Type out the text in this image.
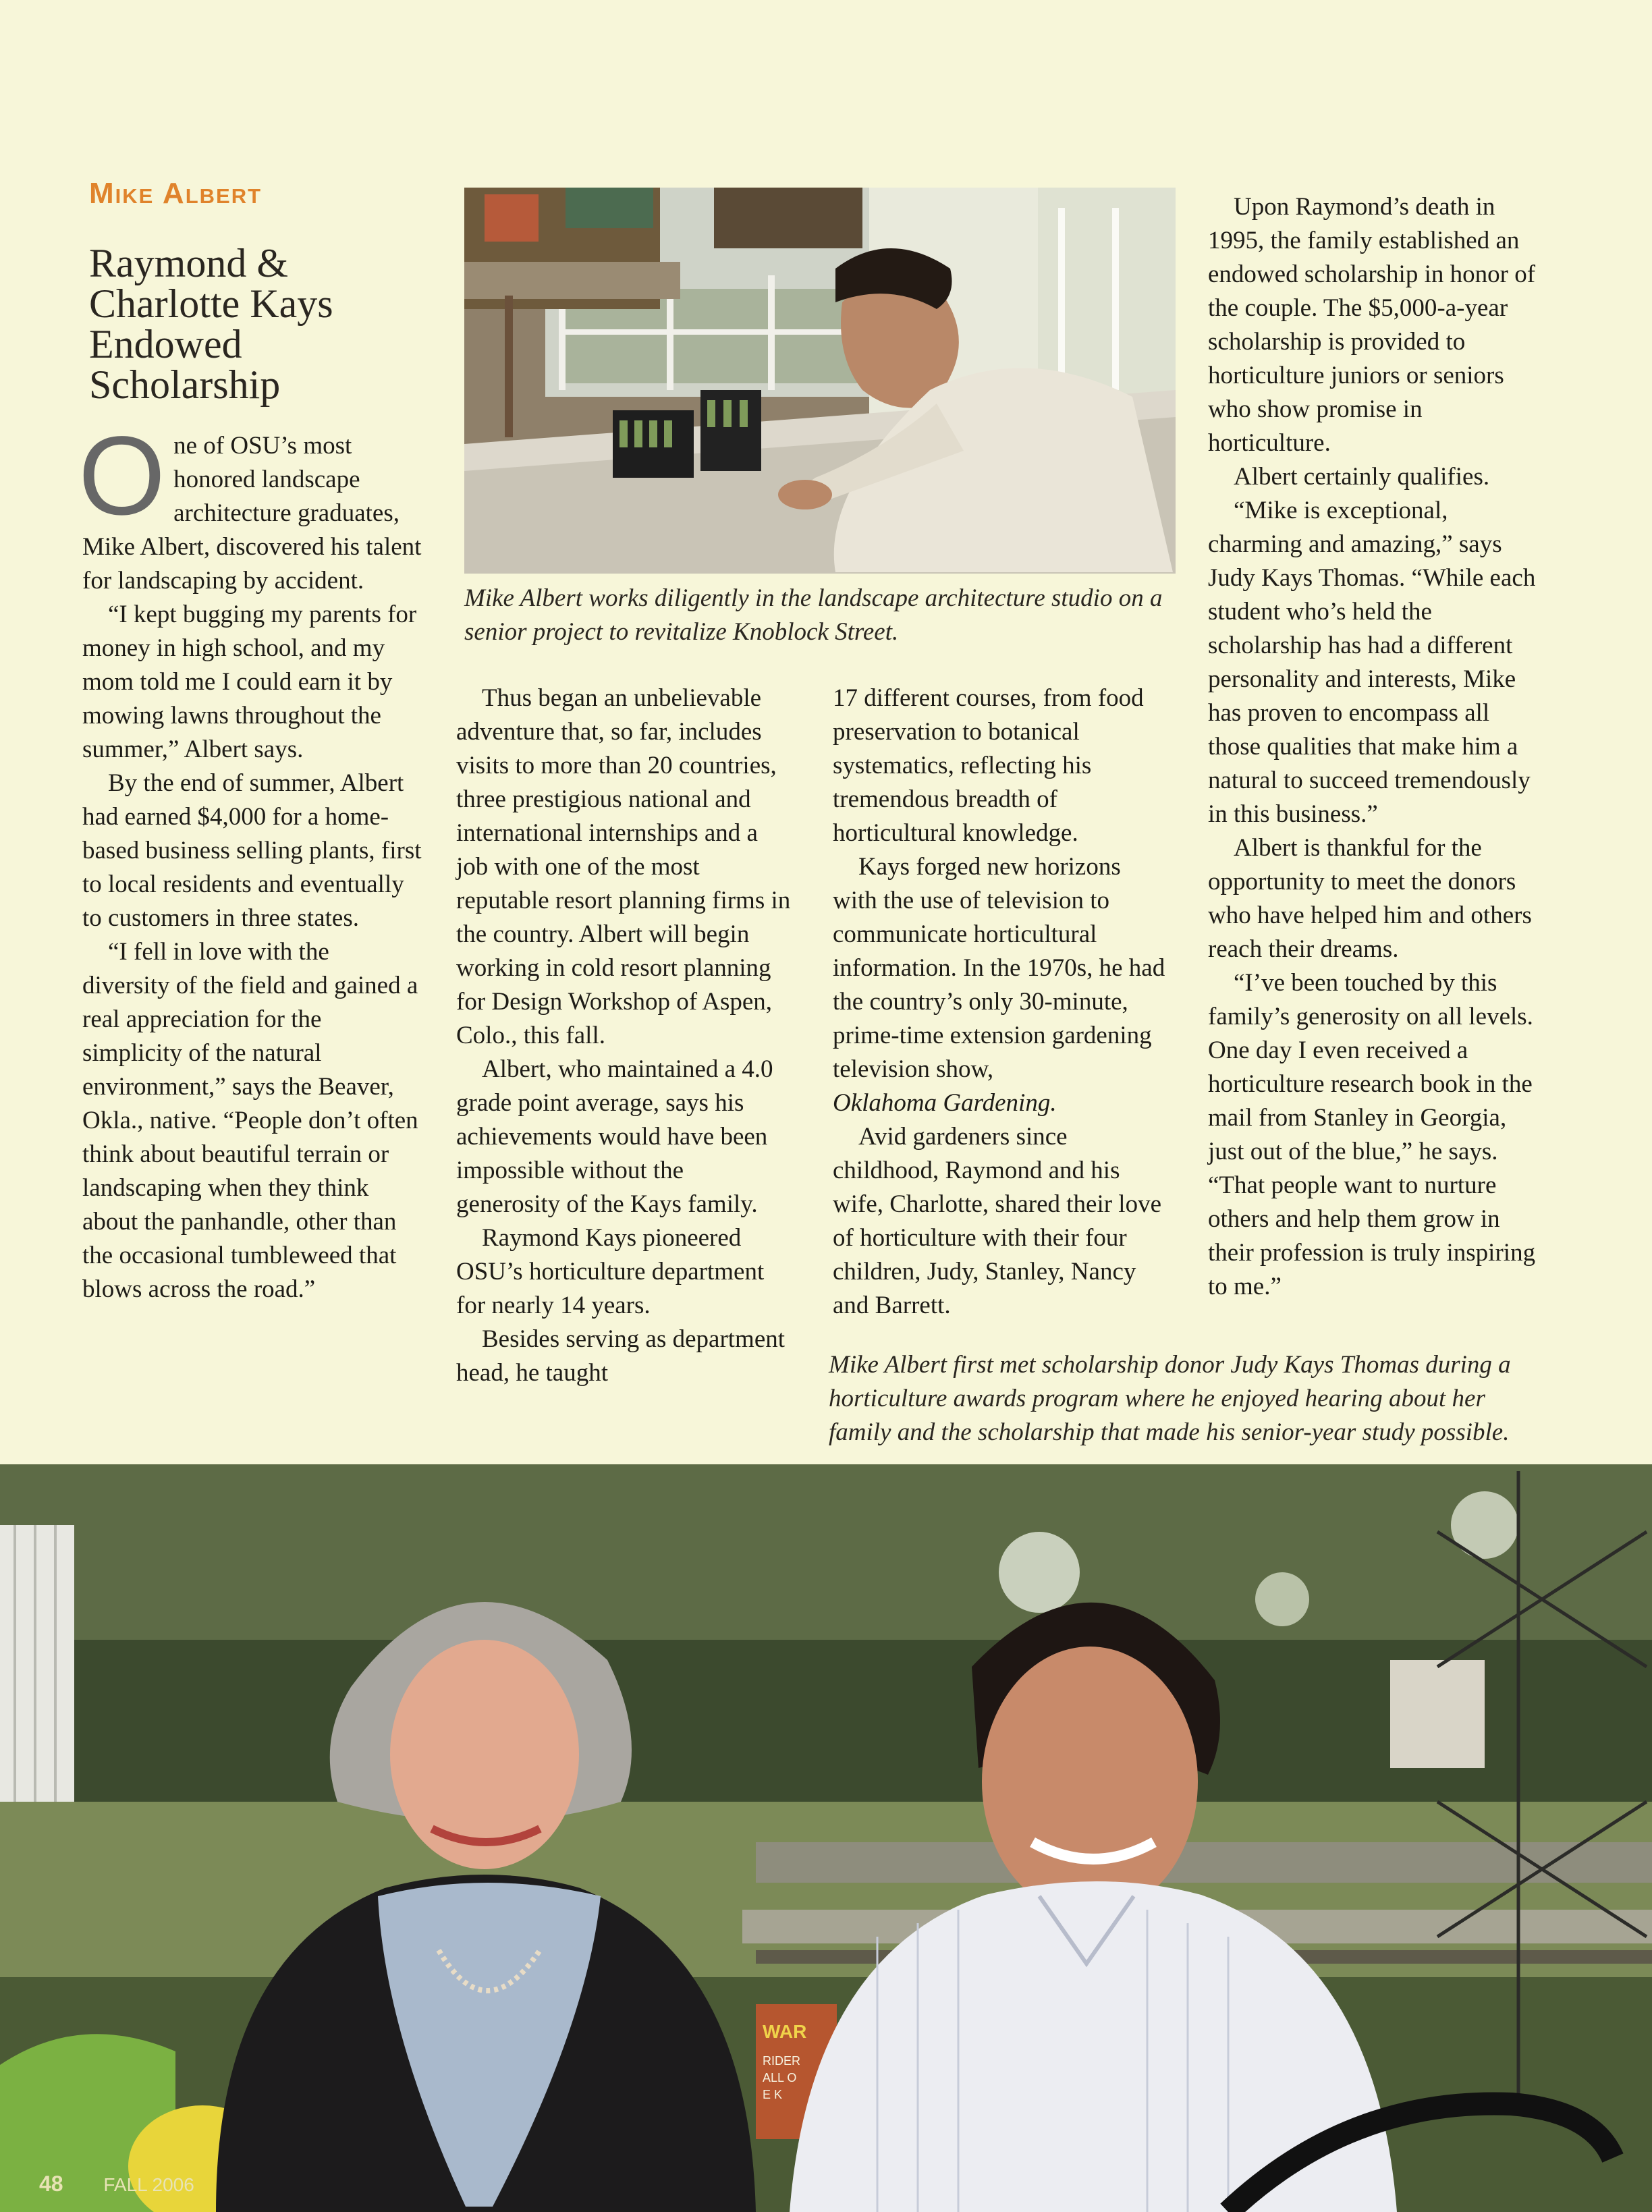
Mike Albert
Raymond & Charlotte Kays Endowed Scholarship
Mike Albert works diligently in the landscape architecture studio on a senior project to revitalize Knoblock Street.
O ne of OSU’s most honored landscape architecture graduates, Mike Albert, discovered his talent for landscaping by accident.

“I kept bugging my parents for money in high school, and my mom told me I could earn it by mowing lawns throughout the summer,” Albert says.

By the end of summer, Albert had earned $4,000 for a home-based business selling plants, first to local residents and eventually to customers in three states.

“I fell in love with the diversity of the field and gained a real appreciation for the simplicity of the natural environment,” says the Beaver, Okla., native. “People don’t often think about beautiful terrain or landscaping when they think about the panhandle, other than the occasional tumbleweed that blows across the road.”

Thus began an unbelievable adventure that, so far, includes visits to more than 20 countries, three prestigious national and international internships and a job with one of the most reputable resort planning firms in the country. Albert will begin working in cold resort planning for Design Workshop of Aspen, Colo., this fall.

Albert, who maintained a 4.0 grade point average, says his achievements would have been impossible without the generosity of the Kays family.

Raymond Kays pioneered OSU’s horticulture department for nearly 14 years.

Besides serving as department head, he taught

17 different courses, from food preservation to botanical systematics, reflecting his tremendous breadth of horticultural knowledge.

Kays forged new horizons with the use of television to communicate horticultural information. In the 1970s, he had the country’s only 30-minute, prime-time extension gardening television show,

Oklahoma Gardening.

Avid gardeners since childhood, Raymond and his wife, Charlotte, shared their love of horticulture with their four children, Judy, Stanley, Nancy and Barrett.

Upon Raymond’s death in 1995, the family established an endowed scholarship in honor of the couple. The $5,000-a-year scholarship is provided to horticulture juniors or seniors who show promise in horticulture.

Albert certainly qualifies.

“Mike is exceptional, charming and amazing,” says Judy Kays Thomas. “While each student who’s held the scholarship has had a different personality and interests, Mike has proven to encompass all those qualities that make him a natural to succeed tremendously in this business.”

Albert is thankful for the opportunity to meet the donors who have helped him and others reach their dreams.

“I’ve been touched by this family’s generosity on all levels. One day I even received a horticulture research book in the mail from Stanley in Georgia, just out of the blue,” he says. “That people want to nurture others and help them grow in their profession is truly inspiring to me.”

Mike Albert first met scholarship donor Judy Kays Thomas during a horticulture awards program where he enjoyed hearing about her family and the scholarship that made his senior-year study possible.
WAR
RIDER
ALL O
E K
48 FALL 2006
